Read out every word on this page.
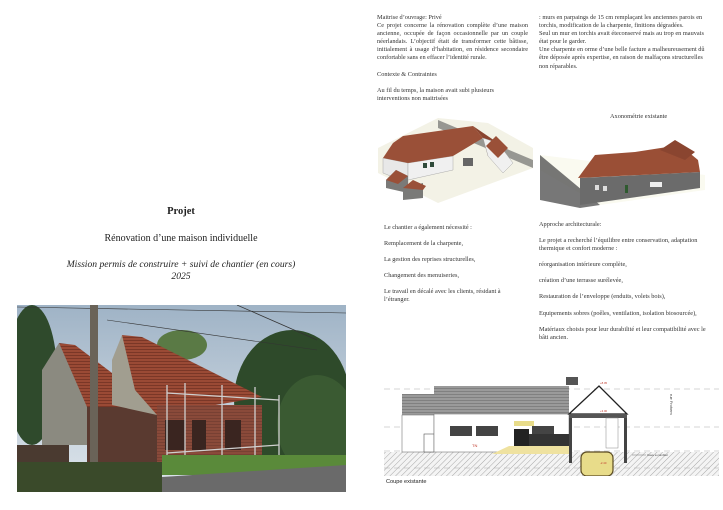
Projet
Rénovation d’une maison individuelle
Mission permis de construire + suivi de chantier (en cours)
2025
Maitrise d’ouvrage: Privé

Ce projet concerne la rénovation complète d’une maison ancienne, occupée de façon occasionnelle par un couple néerlandais. L’objectif était de transformer cette bâtisse, initialement à usage d’habitation, en résidence secondaire confortable sans en effacer l’identité rurale.

Contexte & Contraintes

Au fil du temps, la maison avait subi plusieurs interventions non maitrisées

: murs en parpaings de 15 cm remplaçant les anciennes parois en torchis, modification de la charpente, finitions dégradées.
Seul un mur en torchis avait éteconservé mais au trop en mauvais état pour le garder.
Une charpente en orme d’une belle facture a malheureusement dû être déposée après expertise, en raison de malfaçons structurelles non réparables.
Axonométrie existante

Le chantier a également nécessité :

Remplacement de la charpente,

La gestion des reprises structurelles,

Changement des menuiseries,

Le travail en décalé avec les clients, résidant à l’étranger.

Approche architecturale:

Le projet a recherché l’équilibre entre conservation, adaptation thermique et confort moderne :

réorganisation intérieure complète,

création d’une terrasse surélevée,

Restauration de l’enveloppe (enduits, volets bois),

Equipements sobres (poêles, ventilation, isolation biosourcée),

Matériaux choisis pour leur durabilité et leur compatibilité avec le bâti ancien.

TN
+8.05
+3.00
-2.40
rue Frohem
Cave a combler
Coupe existante
